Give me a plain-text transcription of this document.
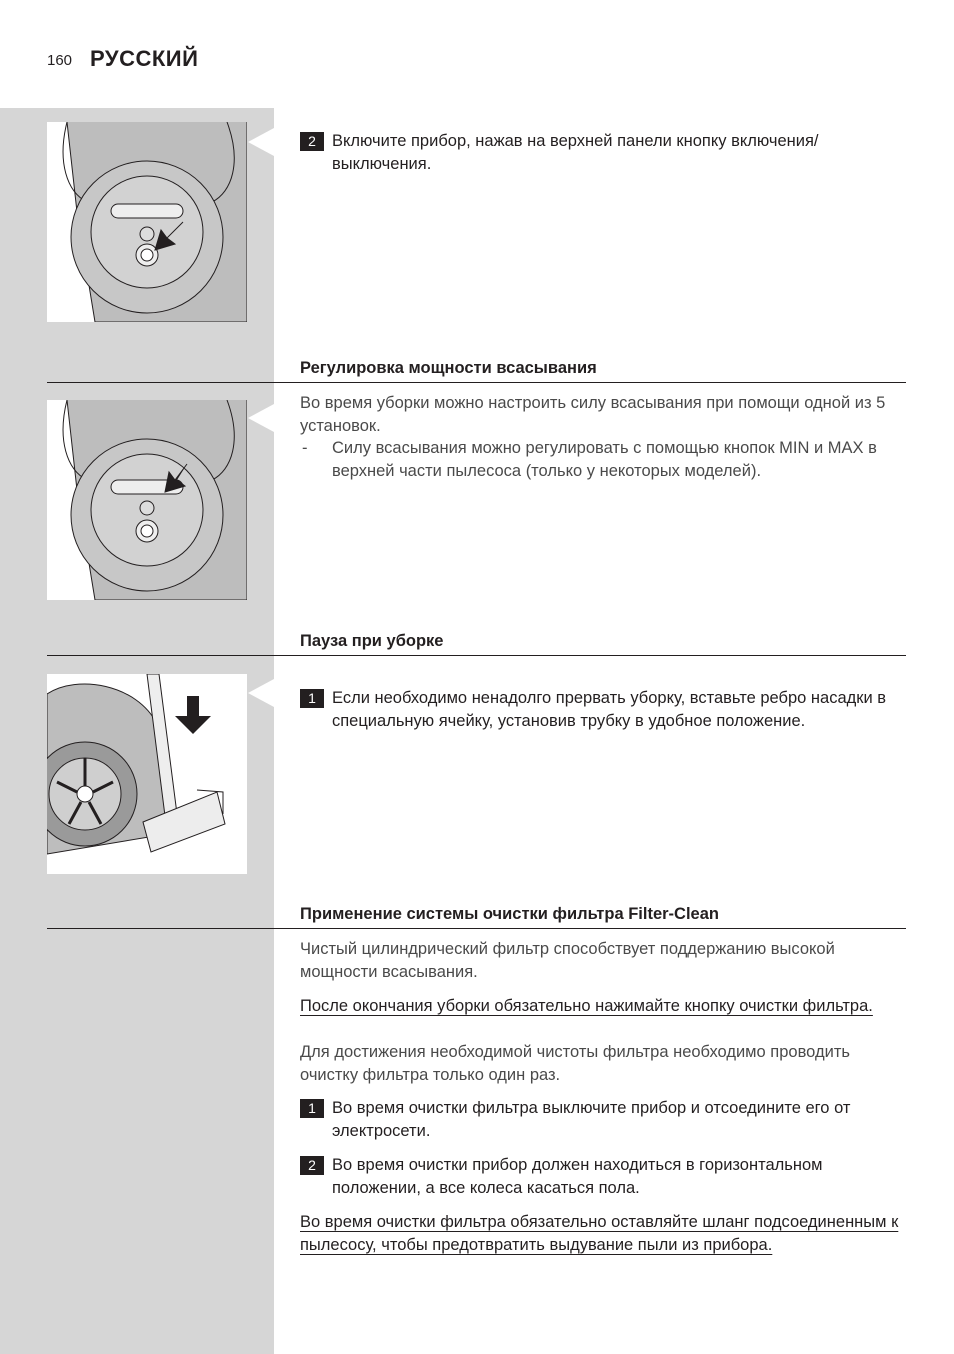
160 РУССКИЙ
2 Включите прибор, нажав на верхней панели кнопку включения/выключения.
Регулировка мощности всасывания
Во время уборки можно настроить силу всасывания при помощи одной из 5 установок.
- Силу всасывания можно регулировать с помощью кнопок MIN и MAX в верхней части пылесоса (только у некоторых моделей).
Пауза при уборке
1 Если необходимо ненадолго прервать уборку, вставьте ребро насадки в специальную ячейку, установив трубку в удобное положение.
Применение системы очистки фильтра Filter-Clean
Чистый цилиндрический фильтр способствует поддержанию высокой мощности всасывания.
После окончания уборки обязательно нажимайте кнопку очистки фильтра.
Для достижения необходимой чистоты фильтра необходимо проводить очистку фильтра только один раз.
1 Во время очистки фильтра выключите прибор и отсоедините его от электросети.
2 Во время очистки прибор должен находиться в горизонтальном положении, а все колеса касаться пола.
Во время очистки фильтра обязательно оставляйте шланг подсоединенным к пылесосу, чтобы предотвратить выдувание пыли из прибора.
